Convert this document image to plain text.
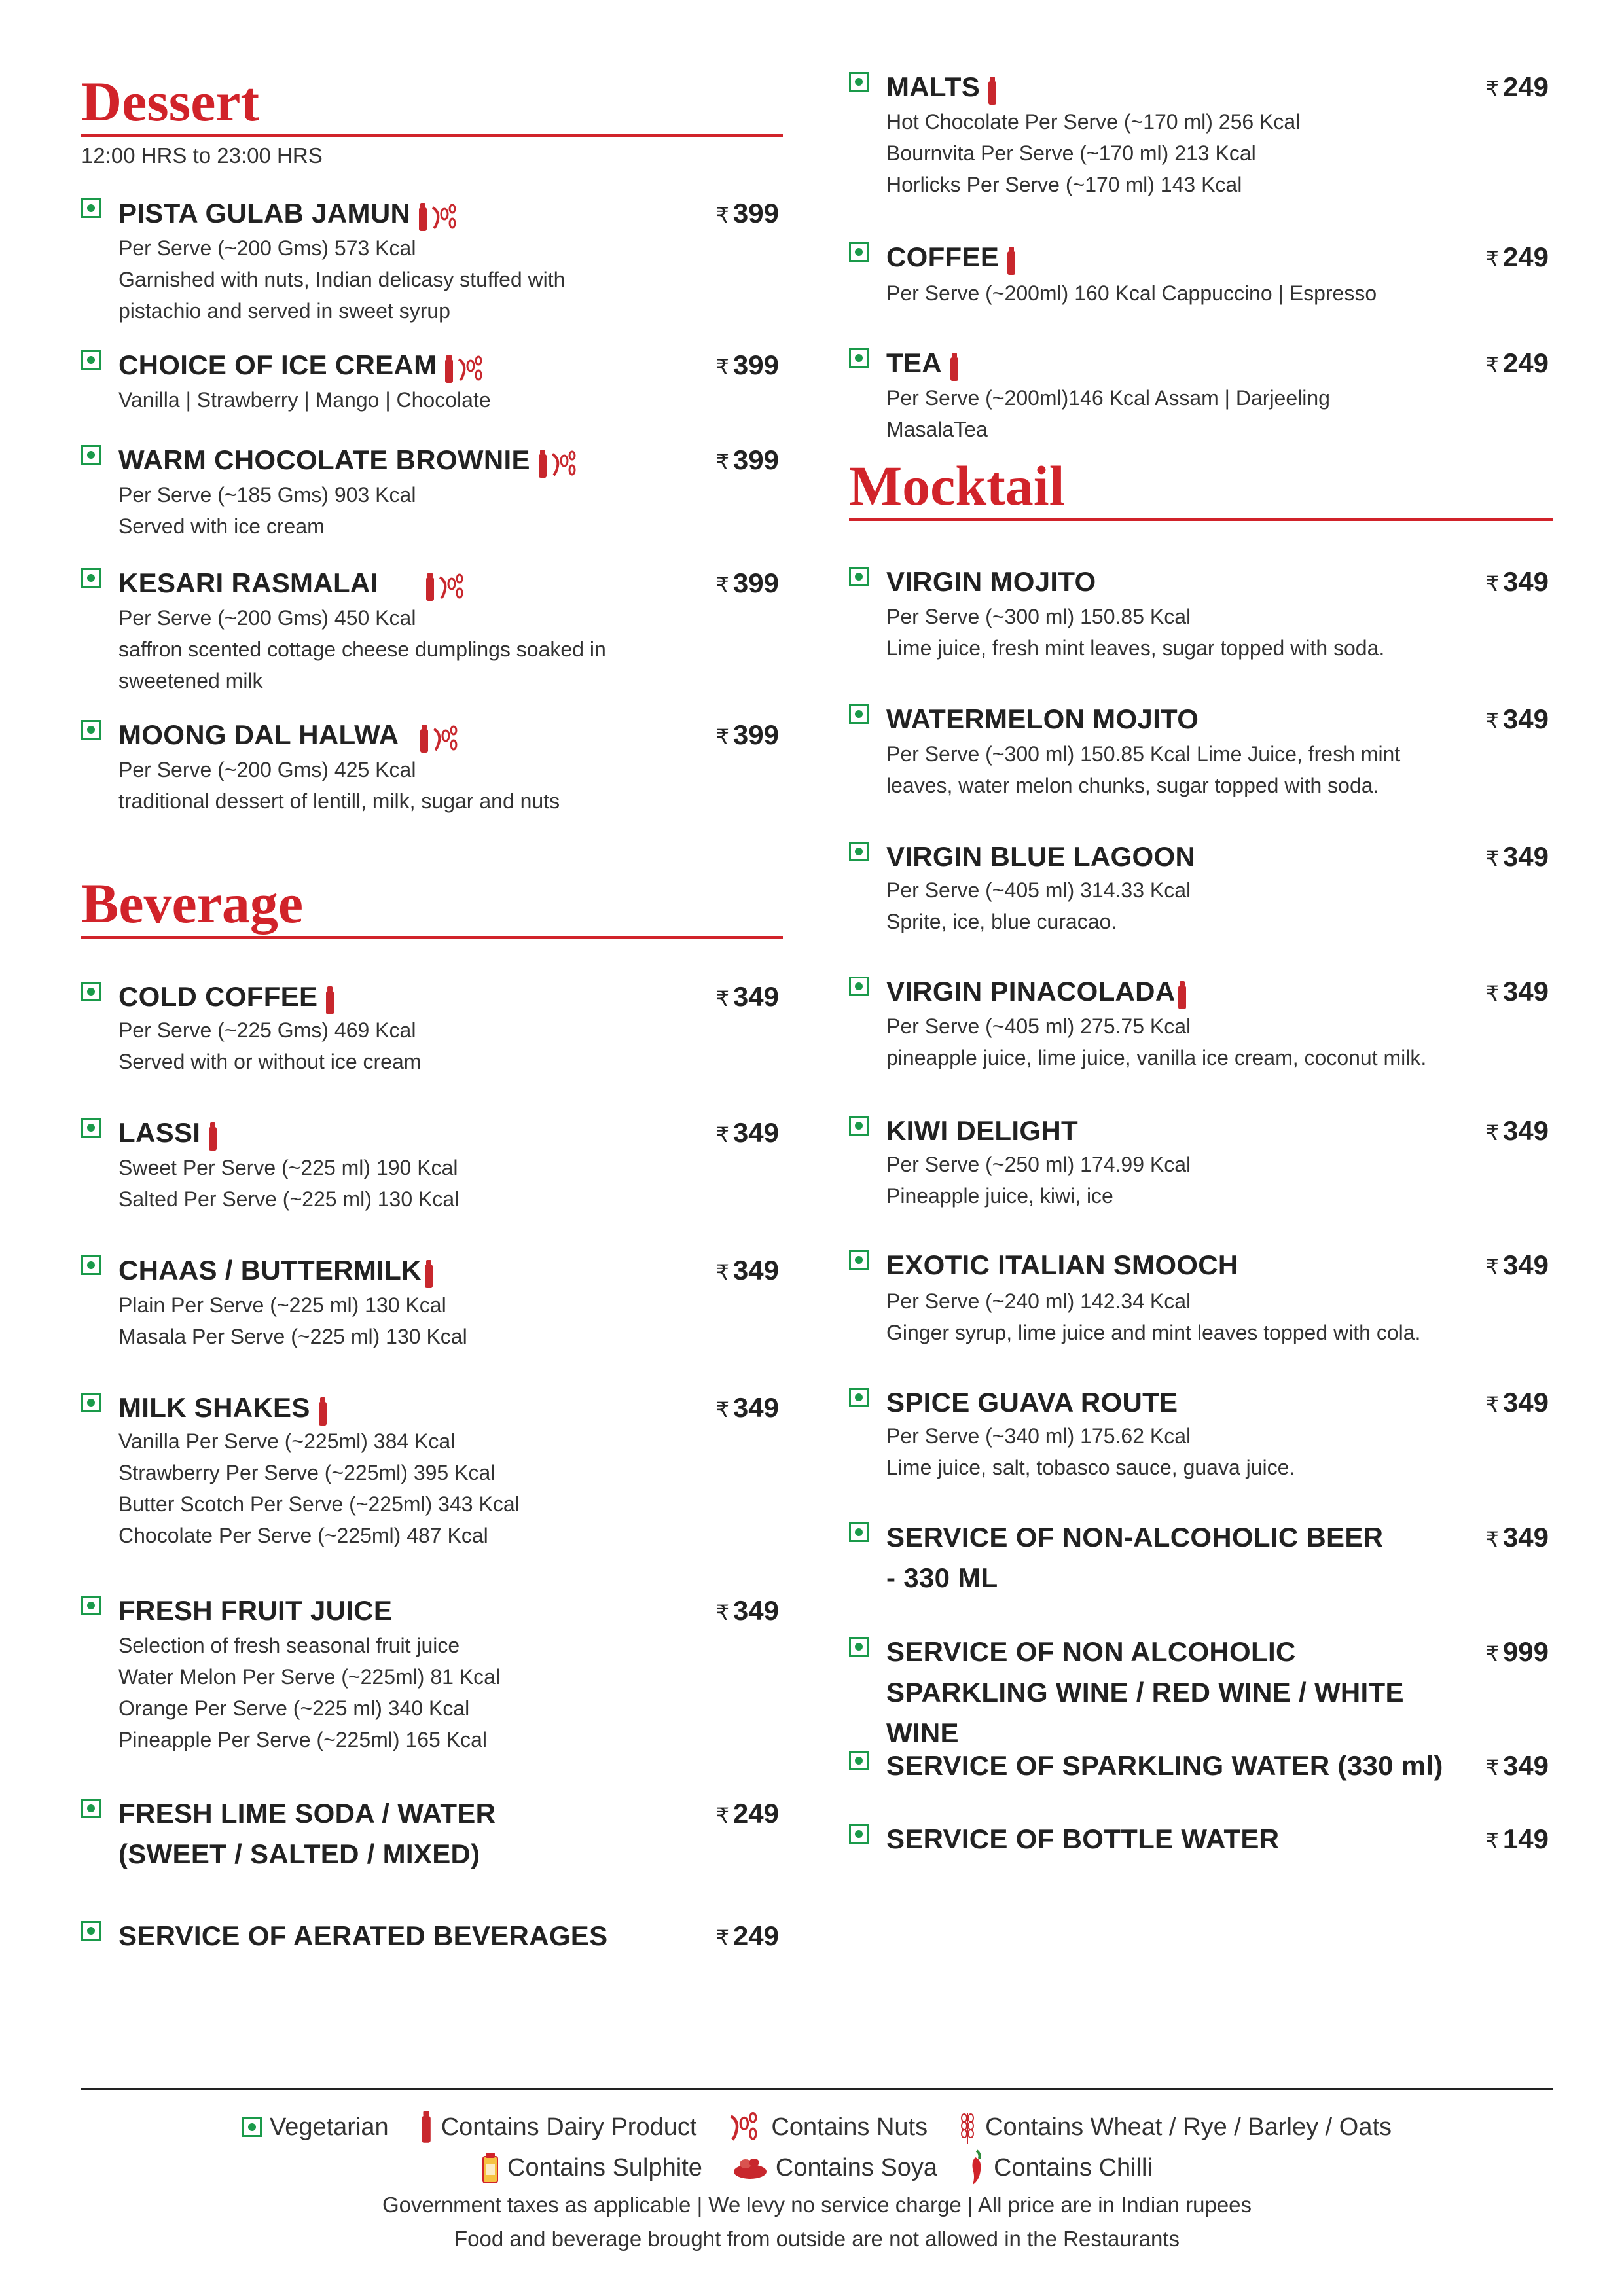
Dessert
12:00 HRS to 23:00 HRS
PISTA GULAB JAMUN	₹ 399
Per Serve (~200 Gms) 573 Kcal
Garnished with nuts, Indian delicasy stuffed with
pistachio and served in sweet syrup
CHOICE OF ICE CREAM	₹ 399
Vanilla | Strawberry | Mango | Chocolate
WARM CHOCOLATE BROWNIE	₹ 399
Per Serve (~185 Gms) 903 Kcal
Served with ice cream
KESARI RASMALAI	₹ 399
Per Serve (~200 Gms) 450 Kcal
saffron scented cottage cheese dumplings soaked in
sweetened milk
MOONG DAL HALWA	₹ 399
Per Serve (~200 Gms) 425 Kcal
traditional dessert of lentill, milk, sugar and nuts
Beverage
COLD COFFEE	₹ 349
Per Serve (~225 Gms) 469 Kcal
Served with or without ice cream
LASSI	₹ 349
Sweet Per Serve (~225 ml) 190 Kcal
Salted Per Serve (~225 ml) 130 Kcal
CHAAS / BUTTERMILK	₹ 349
Plain Per Serve (~225 ml) 130 Kcal
Masala Per Serve (~225 ml) 130 Kcal
MILK SHAKES	₹ 349
Vanilla Per Serve (~225ml) 384 Kcal
Strawberry Per Serve (~225ml) 395 Kcal
Butter Scotch Per Serve (~225ml) 343 Kcal
Chocolate Per Serve (~225ml) 487 Kcal
FRESH FRUIT JUICE	₹ 349
Selection of fresh seasonal fruit juice
Water Melon Per Serve (~225ml) 81 Kcal
Orange Per Serve (~225 ml) 340 Kcal
Pineapple Per Serve (~225ml) 165 Kcal
FRESH LIME SODA / WATER
(SWEET / SALTED / MIXED)
₹ 249
SERVICE OF AERATED BEVERAGES	₹ 249
MALTS	₹ 249
Hot Chocolate Per Serve (~170 ml) 256 Kcal
Bournvita Per Serve (~170 ml) 213 Kcal
Horlicks Per Serve (~170 ml) 143 Kcal
COFFEE	₹ 249
Per Serve (~200ml) 160 Kcal Cappuccino | Espresso
TEA	₹ 249
Per Serve (~200ml)146 Kcal Assam | Darjeeling
MasalaTea
Mocktail
VIRGIN MOJITO	₹ 349
Per Serve (~300 ml) 150.85 Kcal
Lime juice, fresh mint leaves, sugar topped with soda.
WATERMELON MOJITO	₹ 349
Per Serve (~300 ml) 150.85 Kcal Lime Juice, fresh mint
leaves, water melon chunks, sugar topped with soda.
VIRGIN BLUE LAGOON	₹ 349
Per Serve (~405 ml) 314.33 Kcal
Sprite, ice, blue curacao.
VIRGIN PINACOLADA	₹ 349
Per Serve (~405 ml) 275.75 Kcal
pineapple juice, lime juice, vanilla ice cream, coconut milk.
KIWI DELIGHT	₹ 349
Per Serve (~250 ml) 174.99 Kcal
Pineapple juice, kiwi, ice
EXOTIC ITALIAN SMOOCH	₹ 349
Per Serve (~240 ml) 142.34 Kcal
Ginger syrup, lime juice and mint leaves topped with cola.
SPICE GUAVA ROUTE	₹ 349
Per Serve (~340 ml) 175.62 Kcal
Lime juice, salt, tobasco sauce, guava juice.
SERVICE OF NON-ALCOHOLIC BEER
- 330 ML
₹ 349
SERVICE OF NON ALCOHOLIC
SPARKLING WINE / RED WINE / WHITE WINE
₹ 999
SERVICE OF SPARKLING WATER (330 ml) ₹ 349
SERVICE OF BOTTLE WATER	₹ 149
Vegetarian Contains Dairy Product	Contains Nuts Contains Wheat / Rye / Barley / Oats
Contains Sulphite	Contains Soya Contains Chilli
Government taxes as applicable | We levy no service charge | All price are in Indian rupees
Food and beverage brought from outside are not allowed in the Restaurants
